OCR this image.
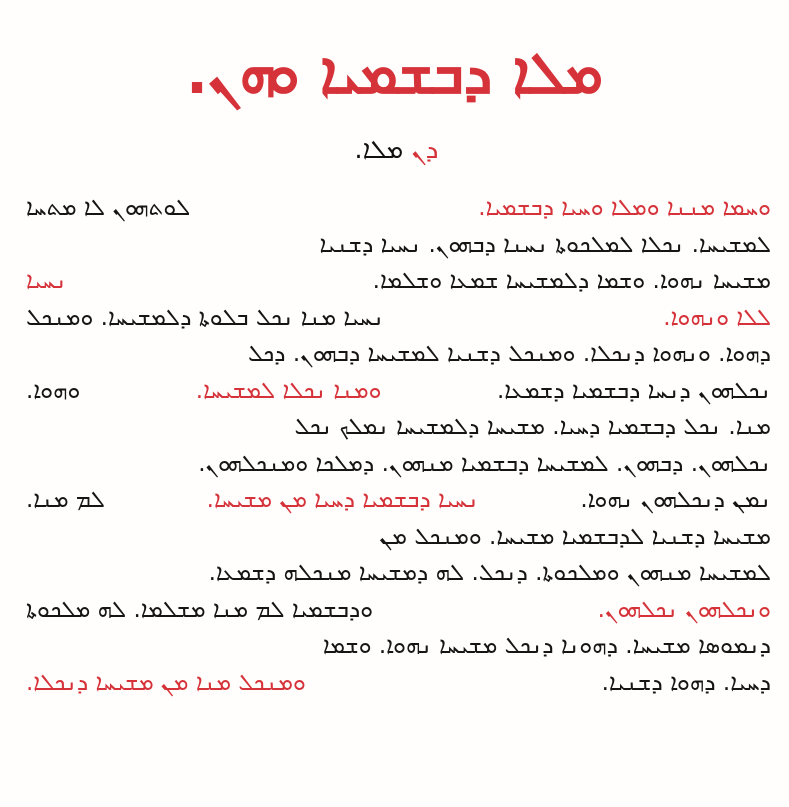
ܡܠܐ ܕܒܫܡܝܐ ܘܗܢ.
ܕܢ ܡܠܐ.
ܘܚܡܐ ܡܢܢܐ ܘܡܠܐ ܘܚܝܐ ܕܒܫܡܝܐ.
ܠܘܬܗܘܢ ܠܐ ܡܬܚܐ
ܠܡܫܝܚܐ. ܢܟܠܐ ܠܡܠܟܘܬܐ ܢܚܢܐ ܕܒܗܘܢ. ܢܚܝܐ ܕܫܢܝܐ
ܡܫܝܚܐ ܢܗܘܐ. ܘܫܡܐ ܕܠܡܫܝܚܐ ܫܡܥܐ ܘܫܠܡܐ.
ܢܚܝܐ
ܠܠܐ ܘܢܗܘܐ.
ܢܚܝܐ ܡܢܐ ܢܟܠ ܒܠܘܬܐ ܕܠܡܫܝܚܐ. ܘܡܢܟܠ
ܕܗܘܐ. ܘܢܗܘܐ ܕܢܟܠܐ. ܘܡܢܟܠ ܕܫܢܝܐ ܠܡܫܝܚܐ ܕܒܗܘܢ. ܕܟܠ
ܢܟܠܗܘܢ ܕܢܚܐ ܕܒܫܡܝܐ ܕܫܡܥܐ.
ܘܡܢܐ ܢܟܠܐ ܠܡܫܝܚܐ.
ܘܗܘܐ.
ܡܢܐ. ܢܟܠ ܕܒܫܡܝܐ ܕܚܝܐ. ܡܫܝܚܐ ܕܠܡܫܝܚܐ ܢܡܠܟ ܢܟܠ
ܢܟܠܗܘܢ. ܕܒܗܘܢ. ܠܡܫܝܚܐ ܕܒܫܡܝܐ ܡܢܗܘܢ. ܕܡܠܟܐ ܘܡܢܟܠܗܘܢ.
ܢܡܢ ܕܢܟܠܗܘܢ ܢܗܘܐ.
ܢܚܝܐ ܕܒܫܡܝܐ ܕܚܝܐ ܡܢ ܡܫܝܚܐ.
ܠܡ ܡܢܐ.
ܡܫܝܚܐ ܕܫܢܝܐ ܠܕܒܫܡܝܐ ܡܫܝܚܐ. ܘܡܢܟܠ ܡܢ
ܠܡܫܝܚܐ ܡܢܗܘܢ ܘܡܠܟܘܬܐ. ܕܢܟܠ. ܠܗ ܕܡܫܝܚܐ ܡܢܟܠܗ ܕܫܡܥܐ.
ܘܢܟܠܗܘܢ ܢܟܠܗܘܢ.
ܘܕܒܫܡܝܐ ܠܡ ܡܢܐ ܡܫܠܡܐ. ܠܗ ܡܠܟܘܬܐ
ܕܢܡܘܣܐ ܡܫܝܚܐ. ܕܗܘܢܐ ܕܢܟܠ ܡܫܝܚܐ ܢܗܘܐ. ܘܫܡܐ
ܕܚܝܐ. ܕܗܘܐ ܕܫܢܝܐ.
ܘܡܢܟܠ ܡܢܐ ܡܢ ܡܫܝܚܐ ܕܢܟܠܐ.
